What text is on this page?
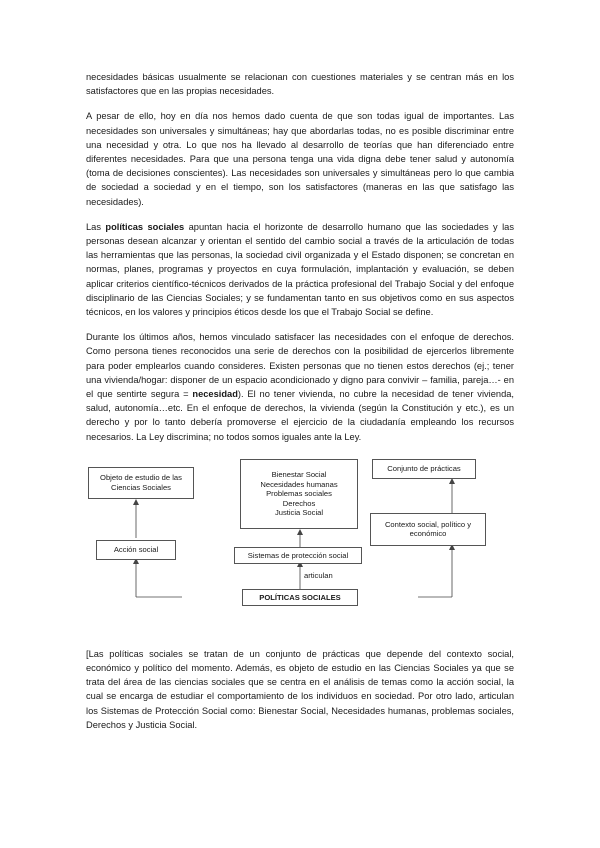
necesidades básicas usualmente se relacionan con cuestiones materiales y se centran más en los satisfactores que en las propias necesidades.

A pesar de ello, hoy en día nos hemos dado cuenta de que son todas igual de importantes. Las necesidades son universales y simultáneas; hay que abordarlas todas, no es posible discriminar entre una necesidad y otra. Lo que nos ha llevado al desarrollo de teorías que han diferenciado entre diferentes necesidades. Para que una persona tenga una vida digna debe tener salud y autonomía (toma de decisiones conscientes). Las necesidades son universales y simultáneas pero lo que cambia de sociedad a sociedad y en el tiempo, son los satisfactores (maneras en las que satisfago las necesidades).

Las políticas sociales apuntan hacia el horizonte de desarrollo humano que las sociedades y las personas desean alcanzar y orientan el sentido del cambio social a través de la articulación de todas las herramientas que las personas, la sociedad civil organizada y el Estado disponen; se concretan en normas, planes, programas y proyectos en cuya formulación, implantación y evaluación, se deben aplicar criterios científico-técnicos derivados de la práctica profesional del Trabajo Social y del enfoque disciplinario de las Ciencias Sociales; y se fundamentan tanto en sus objetivos como en sus aspectos técnicos, en los valores y principios éticos desde los que el Trabajo Social se define.

Durante los últimos años, hemos vinculado satisfacer las necesidades con el enfoque de derechos. Como persona tienes reconocidos una serie de derechos con la posibilidad de ejercerlos libremente para poder emplearlos cuando consideres. Existen personas que no tienen estos derechos (ej.; tener una vivienda/hogar: disponer de un espacio acondicionado y digno para convivir – familia, pareja…- en el que sentirte segura = necesidad). El no tener vivienda, no cubre la necesidad de tener vivienda, salud, autonomía…etc. En el enfoque de derechos, la vivienda (según la Constitución y etc.), es un derecho y por lo tanto debería promoverse el ejercicio de la ciudadanía empleando los recursos necesarios. La Ley discrimina; no todos somos iguales ante la Ley.

Objeto de estudio de las
Ciencias Sociales
Acción social
Bienestar Social
Necesidades humanas
Problemas sociales
Derechos
Justicia Social
Conjunto de prácticas
Contexto social, político y
económico
Sistemas de protección social
articulan
POLÍTICAS SOCIALES

[Las políticas sociales se tratan de un conjunto de prácticas que depende del contexto social, económico y político del momento. Además, es objeto de estudio en las Ciencias Sociales ya que se trata del área de las ciencias sociales que se centra en el análisis de temas como la acción social, la cual se encarga de estudiar el comportamiento de los individuos en sociedad. Por otro lado, articulan los Sistemas de Protección Social como: Bienestar Social, Necesidades humanas, problemas sociales, Derechos y Justicia Social.
